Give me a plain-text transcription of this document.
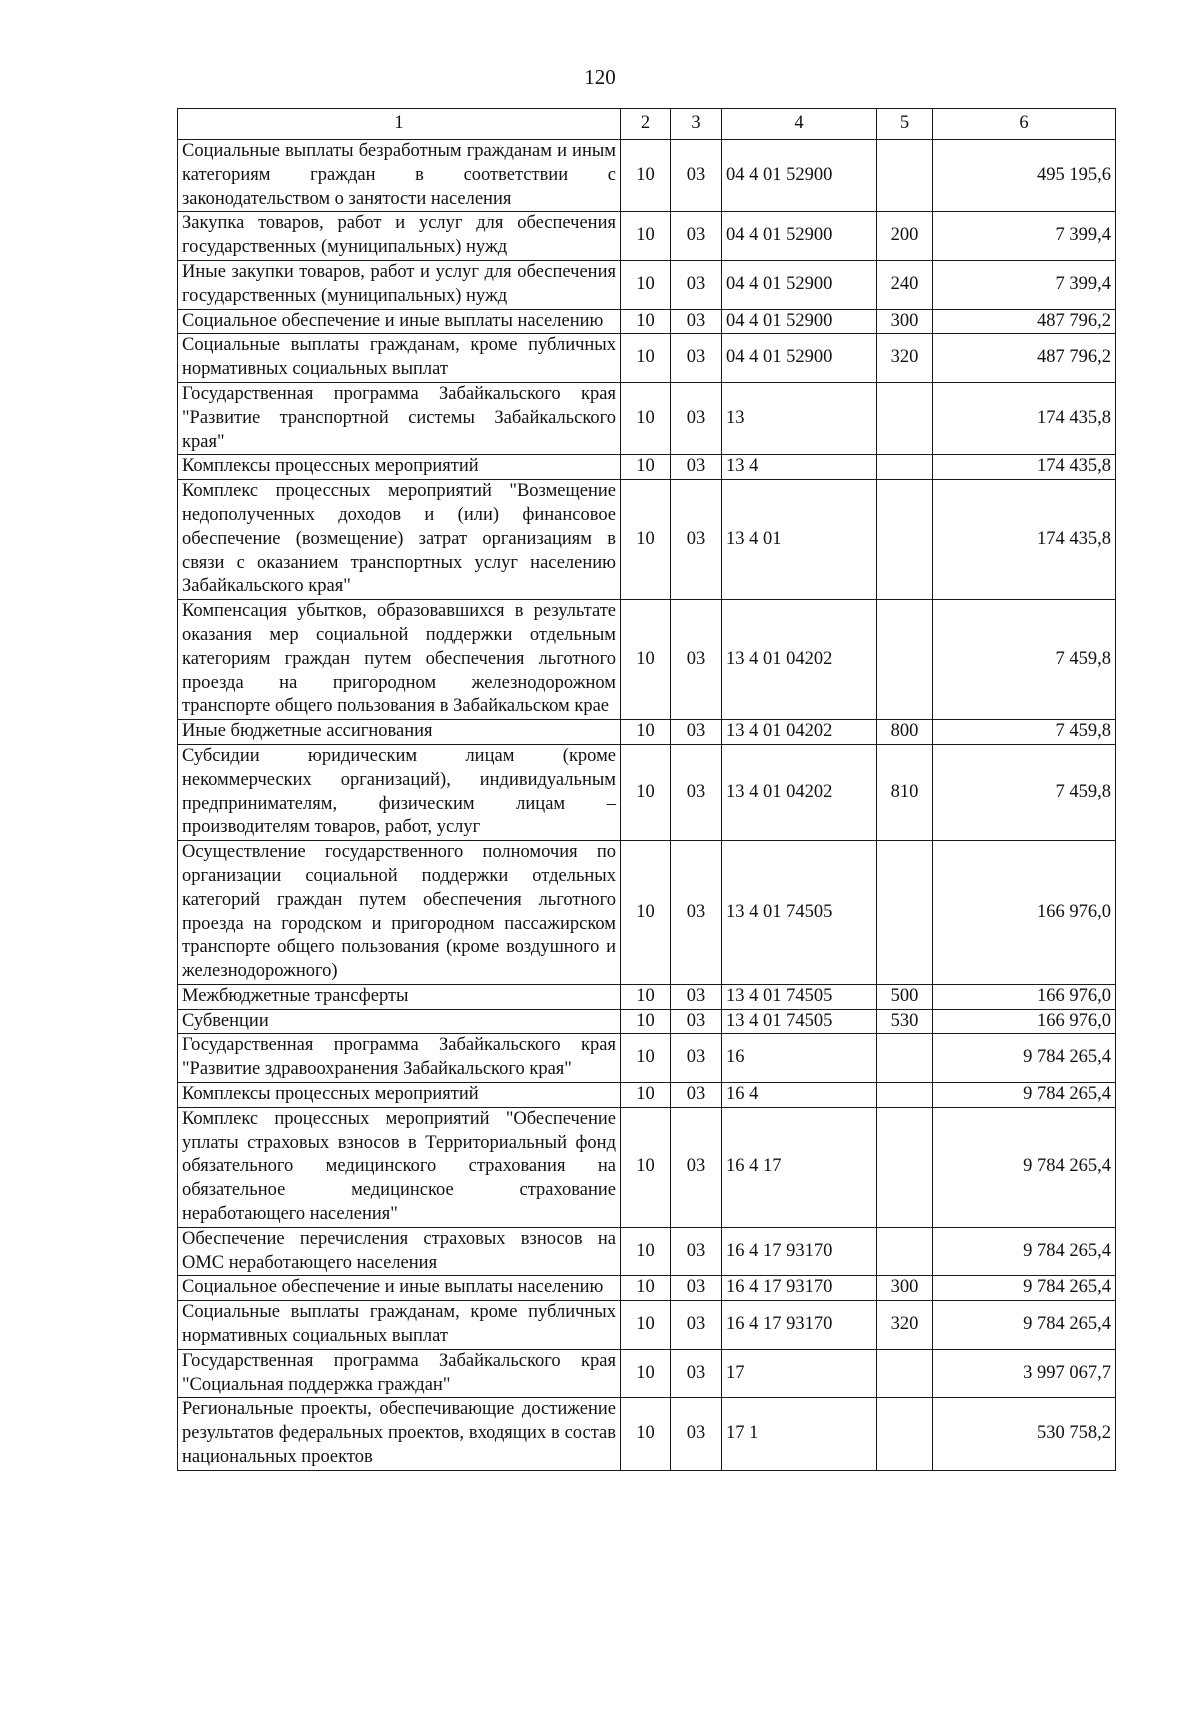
120
1	2	3	4	5	6
Социальные выплаты безработным гражданам и иным категориям граждан в соответствии с законодательством о занятости населения	10	03	04 4 01 52900		495 195,6
Закупка товаров, работ и услуг для обеспечения государственных (муниципальных) нужд	10	03	04 4 01 52900	200	7 399,4
Иные закупки товаров, работ и услуг для обеспечения государственных (муниципальных) нужд	10	03	04 4 01 52900	240	7 399,4
Социальное обеспечение и иные выплаты населению	10	03	04 4 01 52900	300	487 796,2
Социальные выплаты гражданам, кроме публичных нормативных социальных выплат	10	03	04 4 01 52900	320	487 796,2
Государственная программа Забайкальского края "Развитие транспортной системы Забайкальского края"	10	03	13		174 435,8
Комплексы процессных мероприятий	10	03	13 4		174 435,8
Комплекс процессных мероприятий "Возмещение недополученных доходов и (или) финансовое обеспечение (возмещение) затрат организациям в связи с оказанием транспортных услуг населению Забайкальского края"	10	03	13 4 01		174 435,8
Компенсация убытков, образовавшихся в результате оказания мер социальной поддержки отдельным категориям граждан путем обеспечения льготного проезда на пригородном железнодорожном транспорте общего пользования в Забайкальском крае	10	03	13 4 01 04202		7 459,8
Иные бюджетные ассигнования	10	03	13 4 01 04202	800	7 459,8
Субсидии юридическим лицам (кроме некоммерческих организаций), индивидуальным предпринимателям, физическим лицам – производителям товаров, работ, услуг	10	03	13 4 01 04202	810	7 459,8
Осуществление государственного полномочия по организации социальной поддержки отдельных категорий граждан путем обеспечения льготного проезда на городском и пригородном пассажирском транспорте общего пользования (кроме воздушного и железнодорожного)	10	03	13 4 01 74505		166 976,0
Межбюджетные трансферты	10	03	13 4 01 74505	500	166 976,0
Субвенции	10	03	13 4 01 74505	530	166 976,0
Государственная программа Забайкальского края "Развитие здравоохранения Забайкальского края"	10	03	16		9 784 265,4
Комплексы процессных мероприятий	10	03	16 4		9 784 265,4
Комплекс процессных мероприятий "Обеспечение уплаты страховых взносов в Территориальный фонд обязательного медицинского страхования на обязательное медицинское страхование неработающего населения"	10	03	16 4 17		9 784 265,4
Обеспечение перечисления страховых взносов на ОМС неработающего населения	10	03	16 4 17 93170		9 784 265,4
Социальное обеспечение и иные выплаты населению	10	03	16 4 17 93170	300	9 784 265,4
Социальные выплаты гражданам, кроме публичных нормативных социальных выплат	10	03	16 4 17 93170	320	9 784 265,4
Государственная программа Забайкальского края "Социальная поддержка граждан"	10	03	17		3 997 067,7
Региональные проекты, обеспечивающие достижение результатов федеральных проектов, входящих в состав национальных проектов	10	03	17 1		530 758,2
